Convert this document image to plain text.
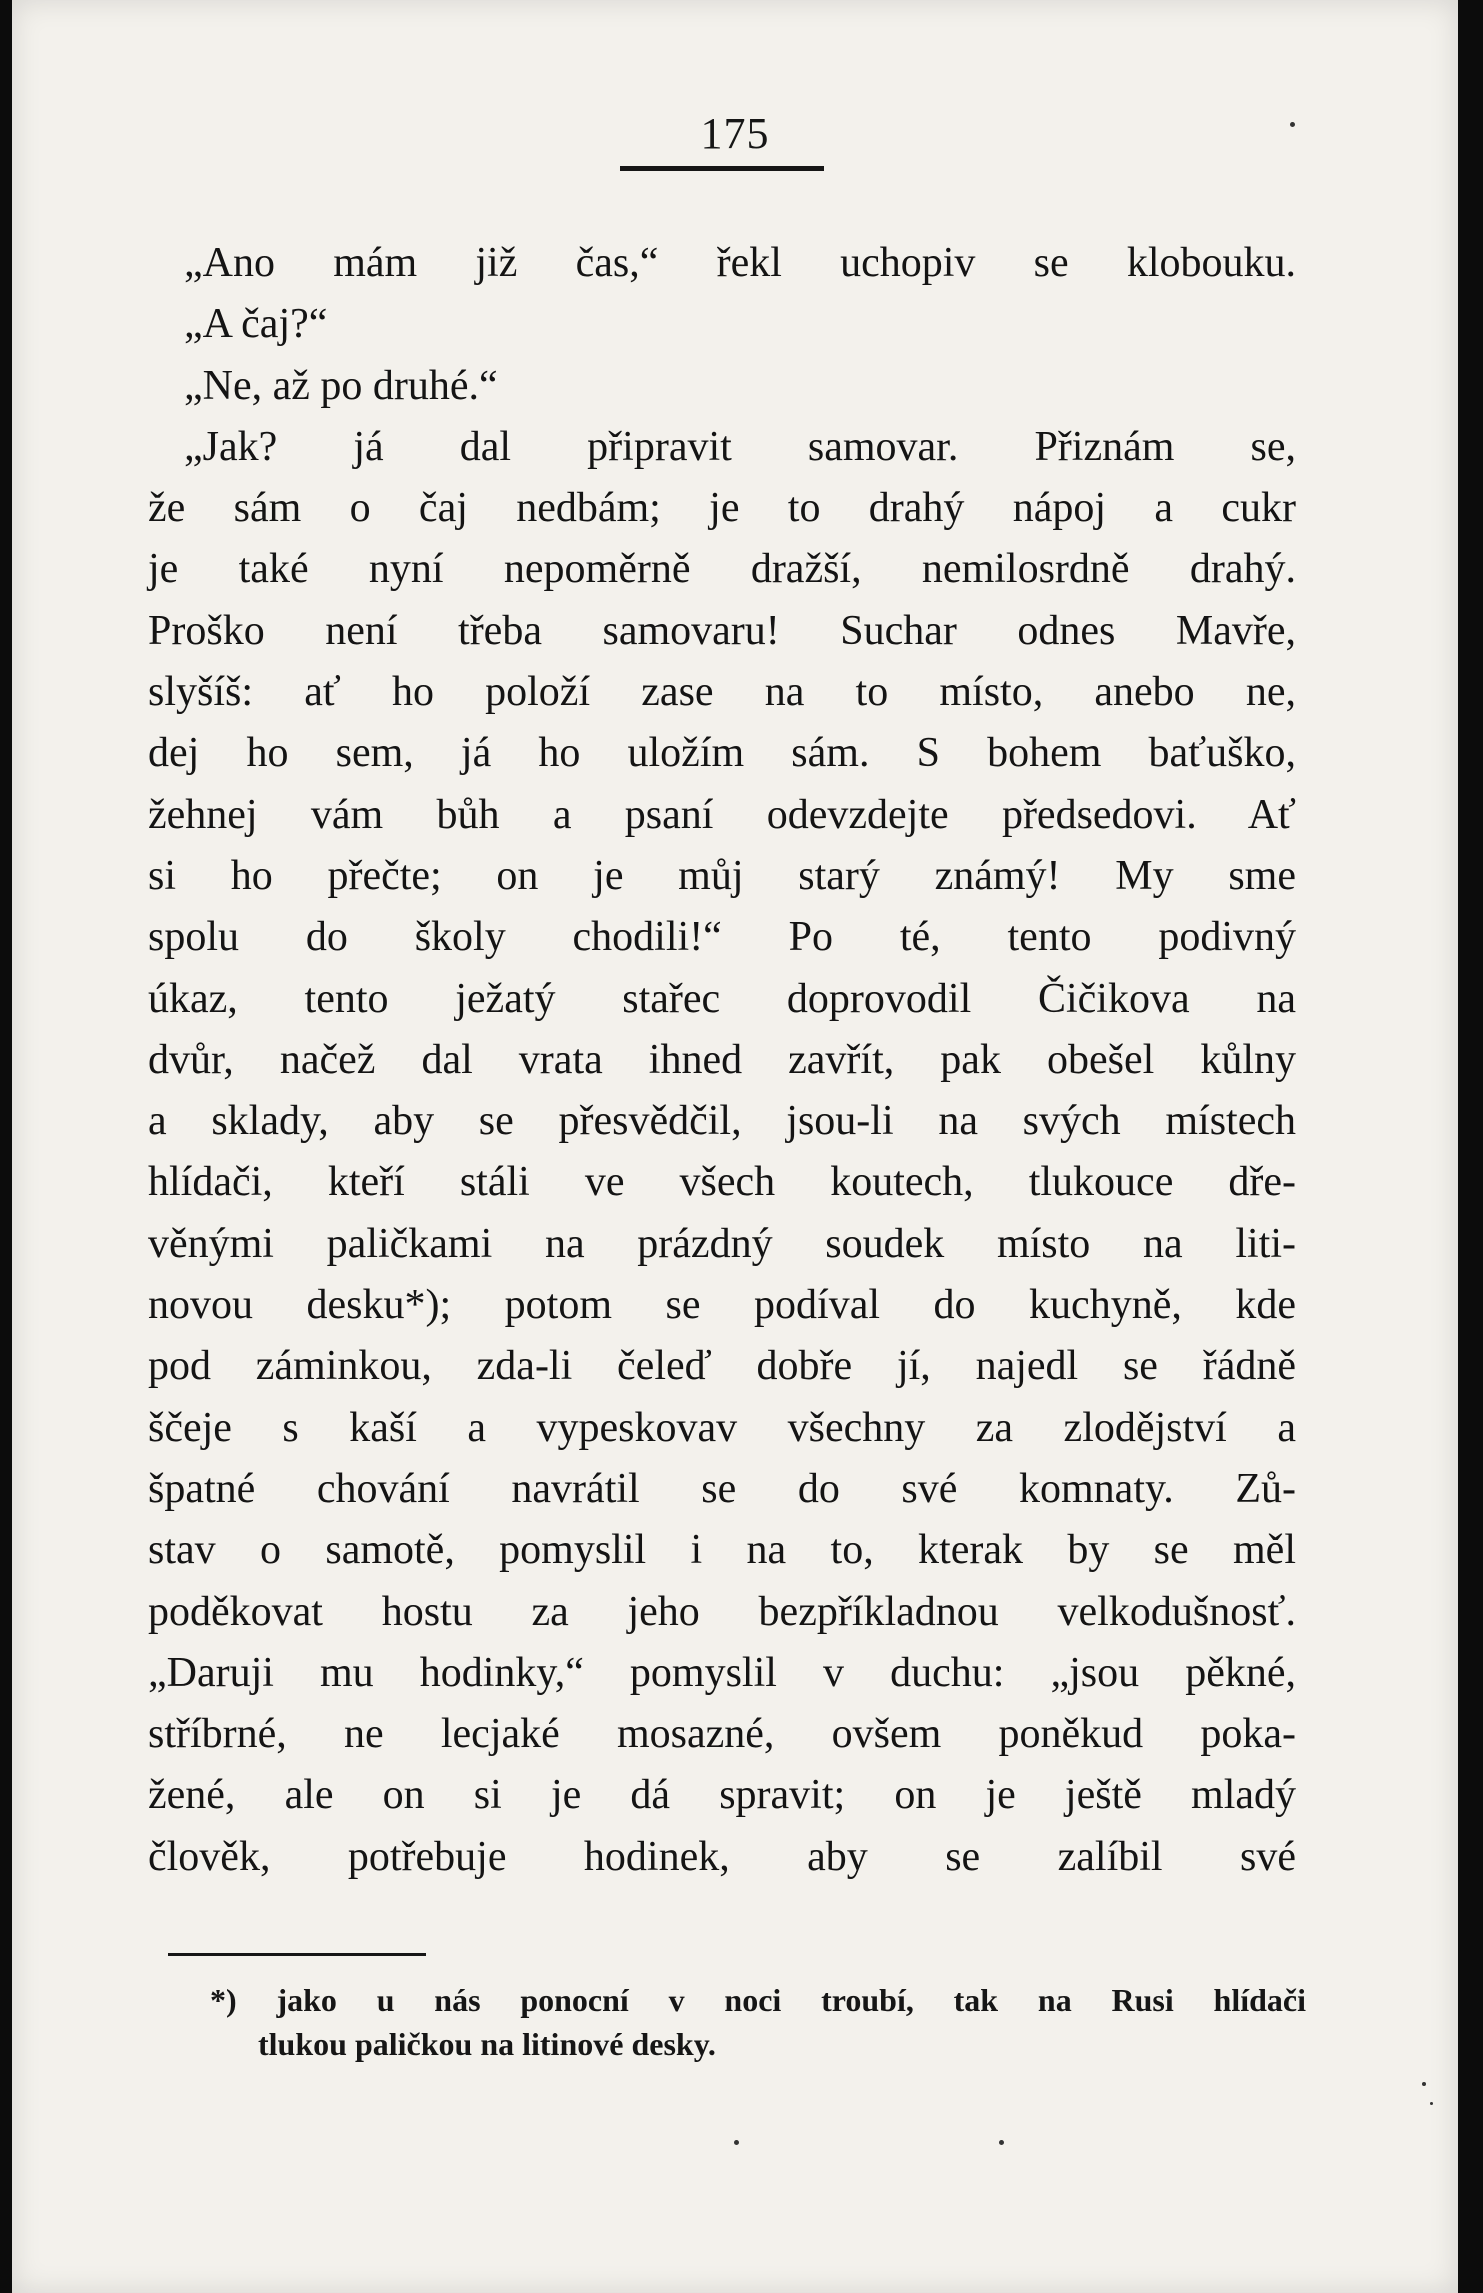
175
„Ano mám již čas,“ řekl uchopiv se klobouku.
„A čaj?“
„Ne, až po druhé.“
„Jak? já dal připravit samovar. Přiznám se,
že sám o čaj nedbám; je to drahý nápoj a cukr
je také nyní nepoměrně dražší, nemilosrdně drahý.
Proško není třeba samovaru! Suchar odnes Mavře,
slyšíš: ať ho položí zase na to místo, anebo ne,
dej ho sem, já ho uložím sám. S bohem baťuško,
žehnej vám bůh a psaní odevzdejte předsedovi. Ať
si ho přečte; on je můj starý známý! My sme
spolu do školy chodili!“ Po té, tento podivný
úkaz, tento ježatý stařec doprovodil Čičikova na
dvůr, načež dal vrata ihned zavřít, pak obešel kůlny
a sklady, aby se přesvědčil, jsou-li na svých místech
hlídači, kteří stáli ve všech koutech, tlukouce dře-
věnými paličkami na prázdný soudek místo na liti-
novou desku*); potom se podíval do kuchyně, kde
pod záminkou, zda-li čeleď dobře jí, najedl se řádně
ščeje s kaší a vypeskovav všechny za zlodějství a
špatné chování navrátil se do své komnaty. Zů-
stav o samotě, pomyslil i na to, kterak by se měl
poděkovat hostu za jeho bezpříkladnou velkodušnosť.
„Daruji mu hodinky,“ pomyslil v duchu: „jsou pěkné,
stříbrné, ne lecjaké mosazné, ovšem poněkud poka-
žené, ale on si je dá spravit; on je ještě mladý
člověk, potřebuje hodinek, aby se zalíbil své
*) jako u nás ponocní v noci troubí, tak na Rusi hlídači
tlukou paličkou na litinové desky.
